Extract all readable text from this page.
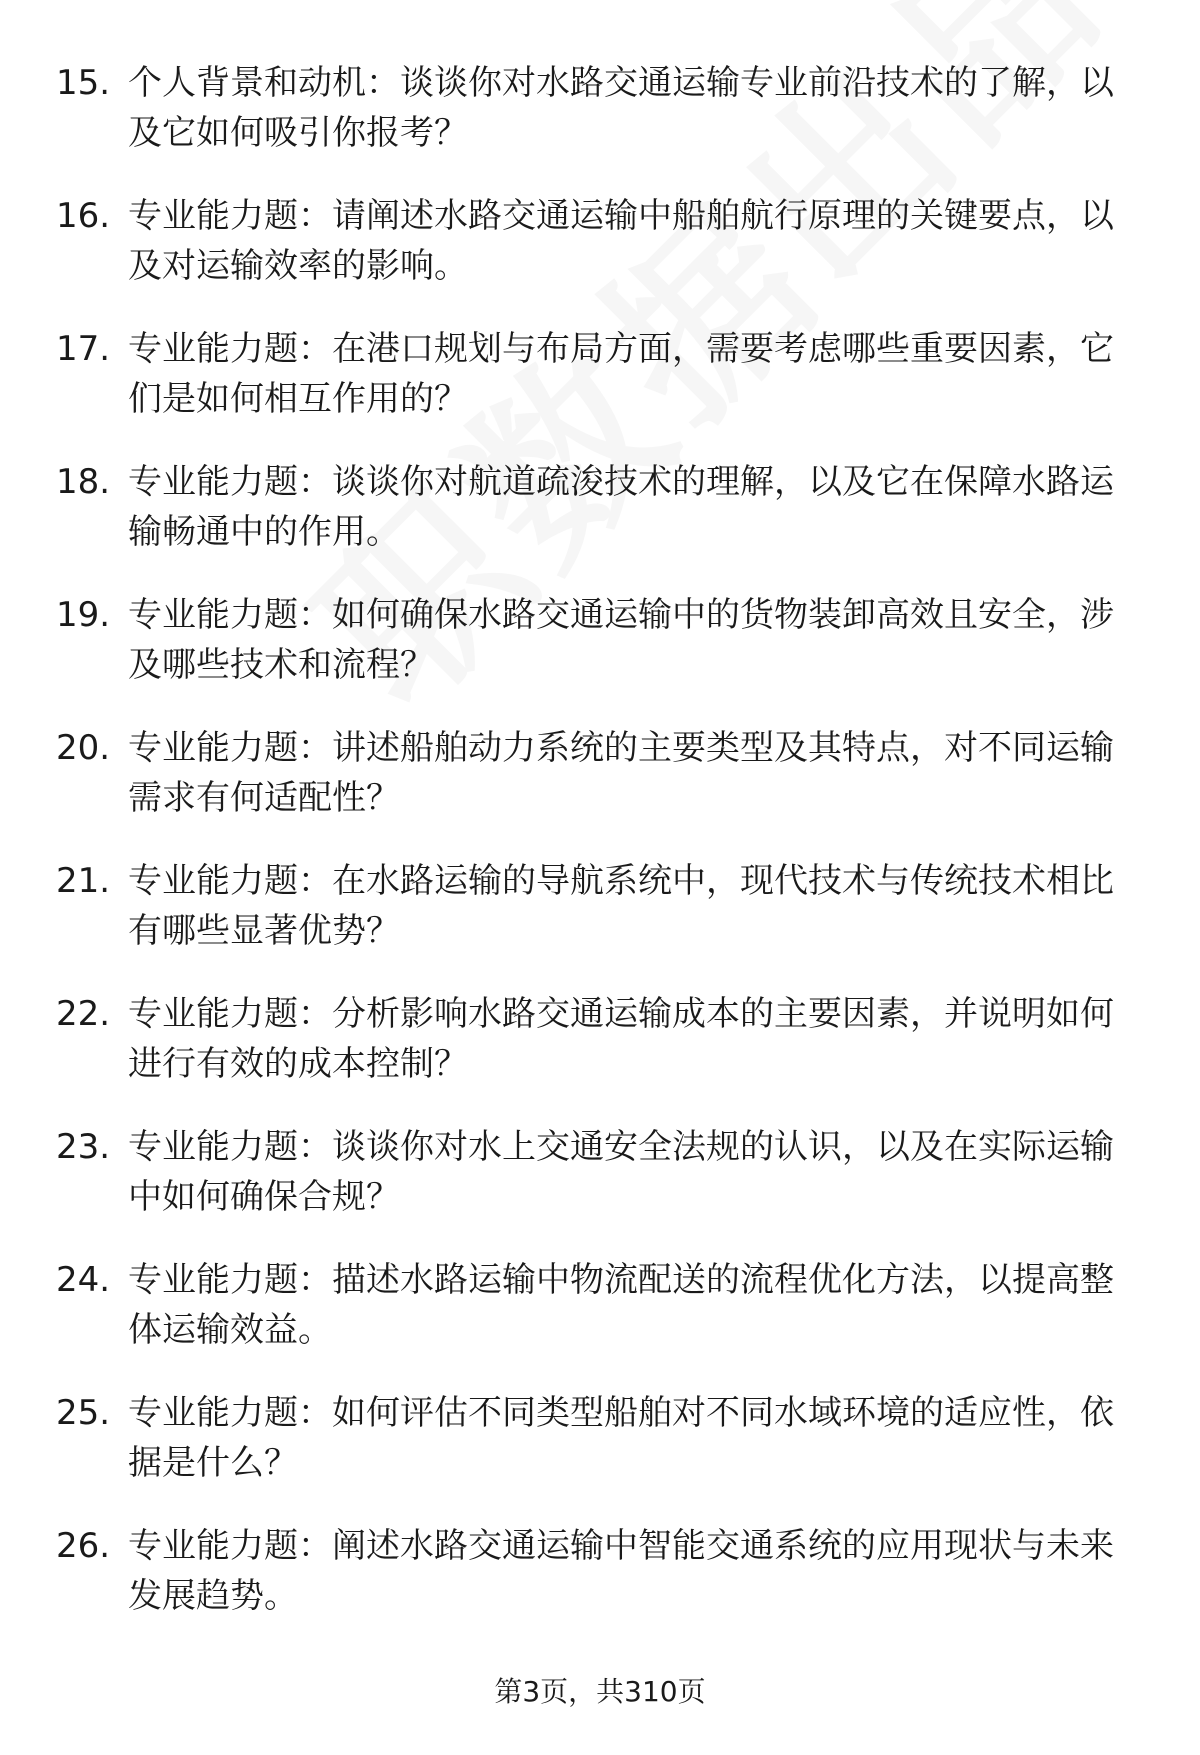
15. 个人背景和动机：谈谈你对水路交通运输专业前沿技术的了解，以及它如何吸引你报考？
16. 专业能力题：请阐述水路交通运输中船舶航行原理的关键要点，以及对运输效率的影响。
17. 专业能力题：在港口规划与布局方面，需要考虑哪些重要因素，它们是如何相互作用的？
18. 专业能力题：谈谈你对航道疏浚技术的理解，以及它在保障水路运输畅通中的作用。
19. 专业能力题：如何确保水路交通运输中的货物装卸高效且安全，涉及哪些技术和流程？
20. 专业能力题：讲述船舶动力系统的主要类型及其特点，对不同运输需求有何适配性？
21. 专业能力题：在水路运输的导航系统中，现代技术与传统技术相比有哪些显著优势？
22. 专业能力题：分析影响水路交通运输成本的主要因素，并说明如何进行有效的成本控制？
23. 专业能力题：谈谈你对水上交通安全法规的认识，以及在实际运输中如何确保合规？
24. 专业能力题：描述水路运输中物流配送的流程优化方法，以提高整体运输效益。
25. 专业能力题：如何评估不同类型船舶对不同水域环境的适应性，依据是什么？
26. 专业能力题：阐述水路交通运输中智能交通系统的应用现状与未来发展趋势。
第3页，共310页
